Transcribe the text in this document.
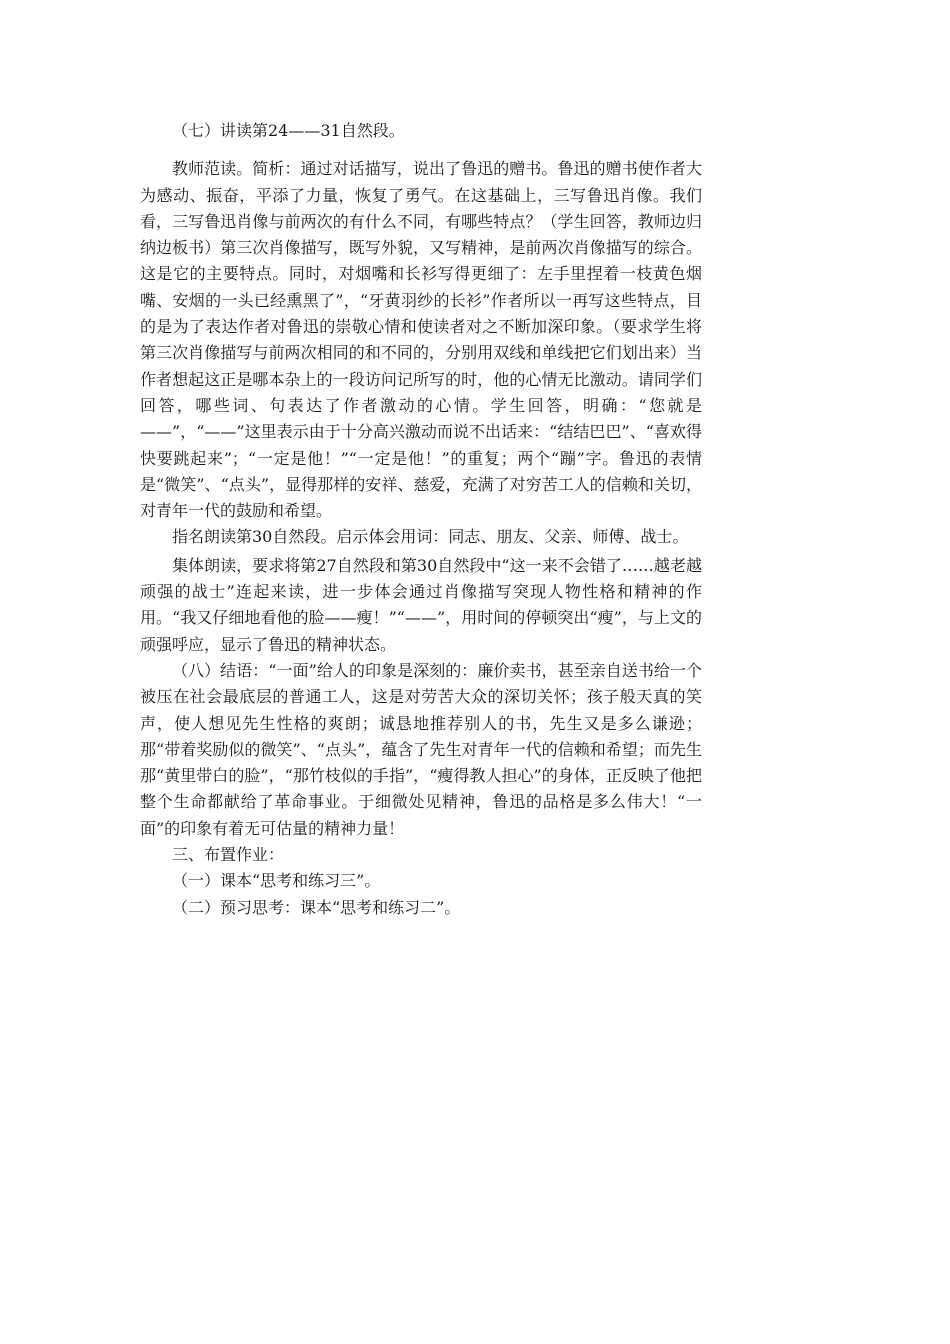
（七）讲读第24——31自然段。

教师范读。简析：通过对话描写，说出了鲁迅的赠书。鲁迅的赠书使作者大为感动、振奋，平添了力量，恢复了勇气。在这基础上，三写鲁迅肖像。我们看，三写鲁迅肖像与前两次的有什么不同，有哪些特点？（学生回答，教师边归纳边板书）第三次肖像描写，既写外貌，又写精神，是前两次肖像描写的综合。这是它的主要特点。同时，对烟嘴和长衫写得更细了：左手里捏着一枝黄色烟嘴、安烟的一头已经熏黑了”，“牙黄羽纱的长衫”作者所以一再写这些特点，目的是为了表达作者对鲁迅的崇敬心情和使读者对之不断加深印象。（要求学生将第三次肖像描写与前两次相同的和不同的，分别用双线和单线把它们划出来）当作者想起这正是哪本杂上的一段访问记所写的时，他的心情无比激动。请同学们回答，哪些词、句表达了作者激动的心情。学生回答，明确：“您就是——”，“——”这里表示由于十分高兴激动而说不出话来：“结结巴巴”、“喜欢得快要跳起来”；“一定是他！”“一定是他！”的重复；两个“蹦”字。鲁迅的表情是“微笑”、“点头”，显得那样的安祥、慈爱，充满了对穷苦工人的信赖和关切，对青年一代的鼓励和希望。

指名朗读第30自然段。启示体会用词：同志、朋友、父亲、师傅、战士。

集体朗读，要求将第27自然段和第30自然段中“这一来不会错了……越老越顽强的战士”连起来读，进一步体会通过肖像描写突现人物性格和精神的作用。“我又仔细地看他的脸——瘦！”“——”，用时间的停顿突出“瘦”，与上文的顽强呼应，显示了鲁迅的精神状态。

（八）结语：“一面”给人的印象是深刻的：廉价卖书，甚至亲自送书给一个被压在社会最底层的普通工人，这是对劳苦大众的深切关怀；孩子般天真的笑声，使人想见先生性格的爽朗；诚恳地推荐别人的书，先生又是多么谦逊；那“带着奖励似的微笑”、“点头”，蕴含了先生对青年一代的信赖和希望；而先生那“黄里带白的脸”，“那竹枝似的手指”，“瘦得教人担心”的身体，正反映了他把整个生命都献给了革命事业。于细微处见精神，鲁迅的品格是多么伟大！“一面”的印象有着无可估量的精神力量！

三、布置作业：

（一）课本“思考和练习三”。

（二）预习思考：课本“思考和练习二”。
